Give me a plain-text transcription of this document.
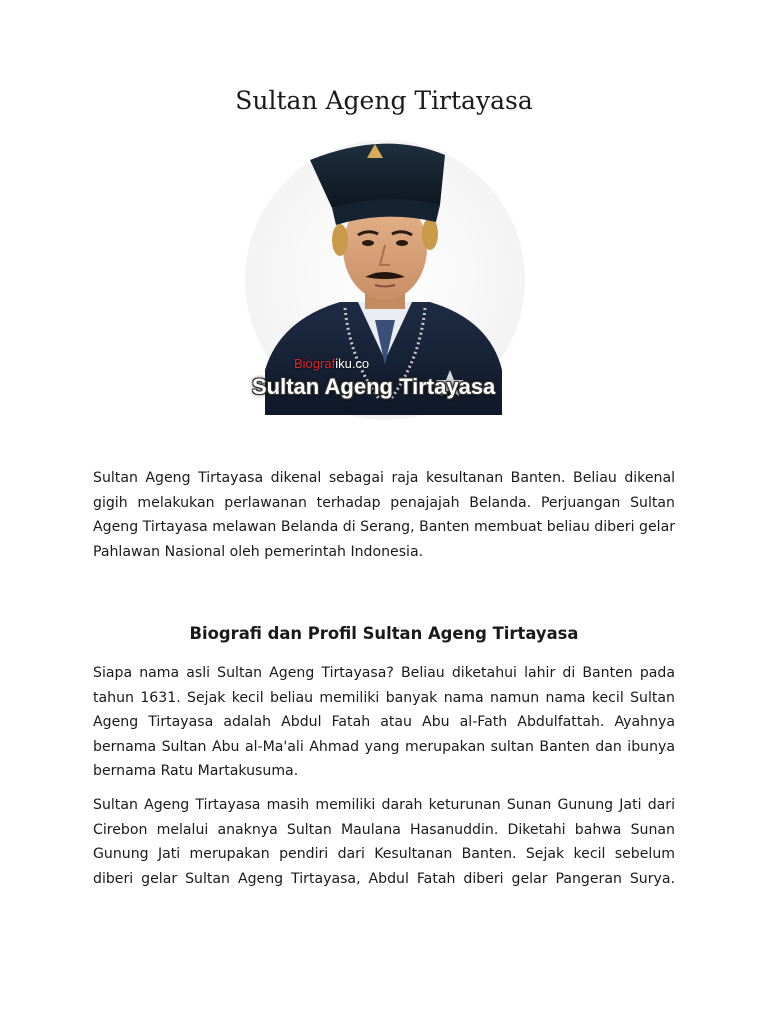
Sultan Ageng Tirtayasa
Biografiku.co
Sultan Ageng Tirtayasa

Sultan Ageng Tirtayasa dikenal sebagai raja kesultanan Banten. Beliau dikenal gigih melakukan perlawanan terhadap penajajah Belanda. Perjuangan Sultan Ageng Tirtayasa melawan Belanda di Serang, Banten membuat beliau diberi gelar Pahlawan Nasional oleh pemerintah Indonesia.

Biografi dan Profil Sultan Ageng Tirtayasa

Siapa nama asli Sultan Ageng Tirtayasa? Beliau diketahui lahir di Banten pada tahun 1631. Sejak kecil beliau memiliki banyak nama namun nama kecil Sultan Ageng Tirtayasa adalah Abdul Fatah atau Abu al-Fath Abdulfattah. Ayahnya bernama Sultan Abu al-Ma'ali Ahmad yang merupakan sultan Banten dan ibunya bernama Ratu Martakusuma.

Sultan Ageng Tirtayasa masih memiliki darah keturunan Sunan Gunung Jati dari Cirebon melalui anaknya Sultan Maulana Hasanuddin. Diketahi bahwa Sunan Gunung Jati merupakan pendiri dari Kesultanan Banten. Sejak kecil sebelum diberi gelar Sultan Ageng Tirtayasa, Abdul Fatah diberi gelar Pangeran Surya.
